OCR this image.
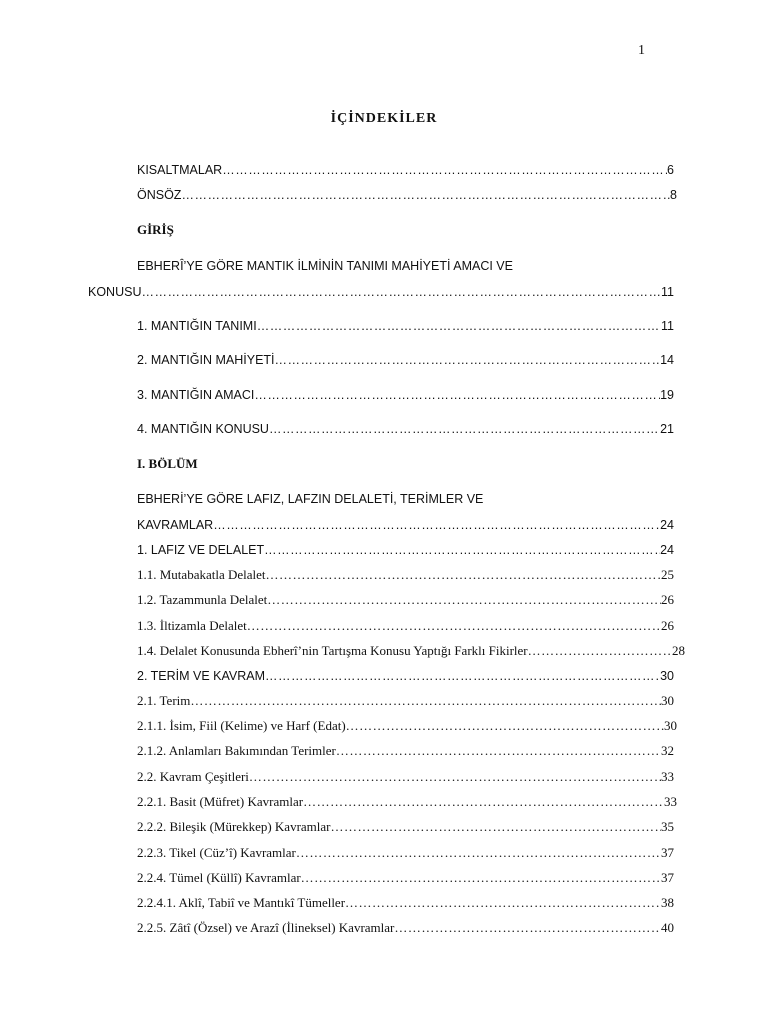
1
İÇİNDEKİLER
KISALTMALAR ……………………………………………………………………………………………………………………………………………………………………………………	6
ÖNSÖZ ……………………………………………………………………………………………………………………………………………………………………………………	8
GİRİŞ
EBHERÎ’YE GÖRE MANTIK İLMİNİN TANIMI MAHİYETİ AMACI VE
KONUSU ……………………………………………………………………………………………………………………………………………………………………………………	11
1. MANTIĞIN TANIMI ……………………………………………………………………………………………………………………………………………………………………………………	11
2. MANTIĞIN MAHİYETİ ……………………………………………………………………………………………………………………………………………………………………………………	14
3. MANTIĞIN AMACI ……………………………………………………………………………………………………………………………………………………………………………………	19
4. MANTIĞIN KONUSU ……………………………………………………………………………………………………………………………………………………………………………………	21
I. BÖLÜM
EBHERİ’YE GÖRE LAFIZ, LAFZIN DELALETİ, TERİMLER VE
KAVRAMLAR ……………………………………………………………………………………………………………………………………………………………………………………	24
1. LAFIZ VE DELALET ……………………………………………………………………………………………………………………………………………………………………………………	24
1.1. Mutabakatla Delalet ……………………………………………………………………………………………………………………………………………………………………………………	25
1.2. Tazammunla Delalet ……………………………………………………………………………………………………………………………………………………………………………………	26
1.3. İltizamla Delalet ……………………………………………………………………………………………………………………………………………………………………………………	26
1.4. Delalet Konusunda Ebherî’nin Tartışma Konusu Yaptığı Farklı Fikirler ……………………………………………………………………………………………………………………………………………………………………………………	28
2. TERİM VE KAVRAM ……………………………………………………………………………………………………………………………………………………………………………………	30
2.1. Terim ……………………………………………………………………………………………………………………………………………………………………………………	30
2.1.1. İsim, Fiil (Kelime) ve Harf (Edat) ……………………………………………………………………………………………………………………………………………………………………………………	30
2.1.2. Anlamları Bakımından Terimler ……………………………………………………………………………………………………………………………………………………………………………………	32
2.2. Kavram Çeşitleri ……………………………………………………………………………………………………………………………………………………………………………………	33
2.2.1. Basit (Müfret) Kavramlar ……………………………………………………………………………………………………………………………………………………………………………………	33
2.2.2. Bileşik (Mürekkep) Kavramlar ……………………………………………………………………………………………………………………………………………………………………………………	35
2.2.3. Tikel (Cüz’î) Kavramlar ……………………………………………………………………………………………………………………………………………………………………………………	37
2.2.4. Tümel (Küllî) Kavramlar ……………………………………………………………………………………………………………………………………………………………………………………	37
2.2.4.1. Aklî, Tabiî ve Mantıkî Tümeller ……………………………………………………………………………………………………………………………………………………………………………………	38
2.2.5. Zâtî (Özsel) ve Arazî (İlineksel) Kavramlar ……………………………………………………………………………………………………………………………………………………………………………………	40
